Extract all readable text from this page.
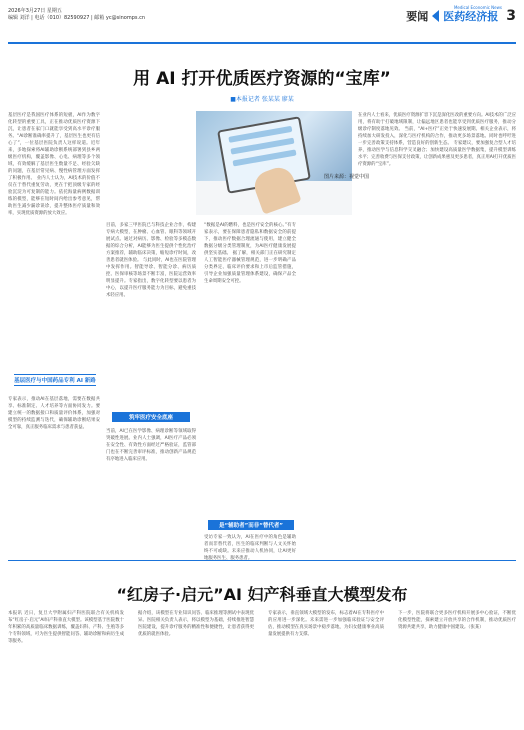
2026年3月27日 星期五
编辑 刘洋 | 电话（010）82590927 | 邮箱 yc@sinomps.cn	要闻 医药经济报 3
Medical Economic News
用 AI 打开优质医疗资源的“宝库”
■本报记者 张某某 廖某
基层医疗是我国医疗体系的短板，AI作为数字化转型的重要工具，正在推动优质医疗资源下沉，让患者在家门口就能享受到高水平诊疗服务。“AI诊断准确率提升了，基层医生也更有信心了”，一位基层医院负责人这样说道。近年来，多地探索将AI辅助诊断系统部署到县乡两级医疗机构，覆盖影像、心电、病理等多个领域，有效缓解了基层医生数量不足、经验欠缺的问题，在基层常见病、慢性病管理方面发挥了积极作用。 业内人士认为，AI技术的价值不仅在于替代重复劳动，更在于把顶级专家的经验沉淀为可复制的能力。依托海量病例数据训练的模型，能够在短时间内给出参考意见，帮助医生减少漏诊误诊，提升整体医疗质量和效率，实现优质资源的放大效应。
基层医疗与中国药品专利 AI 新路
专家表示，推动AI在基层落地，需要在数据共享、标准制定、人才培养等方面协同发力。要建立统一的数据接口和质量评价体系，加强对模型的持续监测与迭代，确保辅助诊断结果安全可靠，真正服务临床需求与患者获益。
图片来源：视觉中国
目前，多家三甲医院已与科技企业合作，构建专病大模型，在肿瘤、心血管、眼科等领域开展试点。通过对病历、影像、检验等多模态数据的综合分析，AI能够为医生提供个性化治疗方案推荐，辅助临床决策，缩短诊疗时间，改善患者就医体验。 与此同时，AI也在医院管理中发挥作用。智能导诊、智能分诊、病历质控、医保审核等场景不断丰富，医院运营效率明显提升。专家指出，数字化转型要以患者为中心，以提升医疗服务能力为目标，避免重技术轻应用。
筑牢医疗安全底座
当前，AI已在医学影像、病理诊断等领域取得突破性进展。业内人士强调，AI医疗产品必须在安全性、有效性方面经过严格验证，监管部门也在不断完善审评标准，推动创新产品规范有序地进入临床应用。
“数据是AI的燃料，也是医疗安全的核心。”有专家表示，要在保障患者隐私和数据安全的前提下，推动医疗数据合理流通与使用，建立健全数据分级分类管理制度，为AI医疗健康发展提供坚实基础。 据了解，相关部门正在研究制定人工智能医疗器械管理规范，进一步明确产品分类界定、临床评价要求和上市后监管措施，引导企业加强质量管理体系建设，确保产品全生命周期安全可控。
是“辅助者”而非“替代者”
受访专家一致认为，AI在医疗中的角色是辅助者而非替代者，医生的临床判断与人文关怀始终不可或缺。未来应推动人机协同，让AI更好地服务医生、服务患者。
在业内人士看来，优质医疗资源扩容下沉是深化医改的重要方向。AI技术的广泛应用，将有助于打破地域限制，让偏远地区患者也能享受到优质医疗服务，推动分级诊疗制度落地见效。 当前，“AI+医疗”正处于快速发展期。相关企业表示，将持续加大研发投入，深化与医疗机构的合作，推动更多场景落地。同时也呼吁进一步完善政策支持体系，营造良好的创新生态。 专家建议，要加强复合型人才培养，推动医学与信息科学交叉融合；加快建设高质量医学数据集，提升模型训练水平；完善收费与医保支付政策，让创新成果惠及更多患者，真正用AI打开优质医疗资源的“宝库”。
“红房子·启元”AI 妇产科垂直大模型发布
本报讯 近日，复旦大学附属妇产科医院联合有关机构发布“红房子·启元”AI妇产科垂直大模型。该模型基于医院数十年积累的高质量临床数据训练，覆盖妇科、产科、生殖等多个专科领域，可为医生提供智能问答、辅助诊断和病历生成等服务。
据介绍，该模型在专业知识问答、临床推理等测试中表现优异。医院相关负责人表示，将以模型为基础，持续推进智慧医院建设，提升诊疗服务的精准性和便捷性，让患者获得更优质的就医体验。
专家表示，垂直领域大模型的发布，标志着AI在专科医疗中的应用进一步深化。未来需进一步加强临床验证与安全评估，推动模型在真实场景中稳步落地，为妇女健康事业高质量发展提供有力支撑。
下一步，医院将联合更多医疗机构开展多中心验证，不断优化模型性能，探索建立开放共享的合作机制，推动优质医疗资源共建共享，助力健康中国建设。（张某）
